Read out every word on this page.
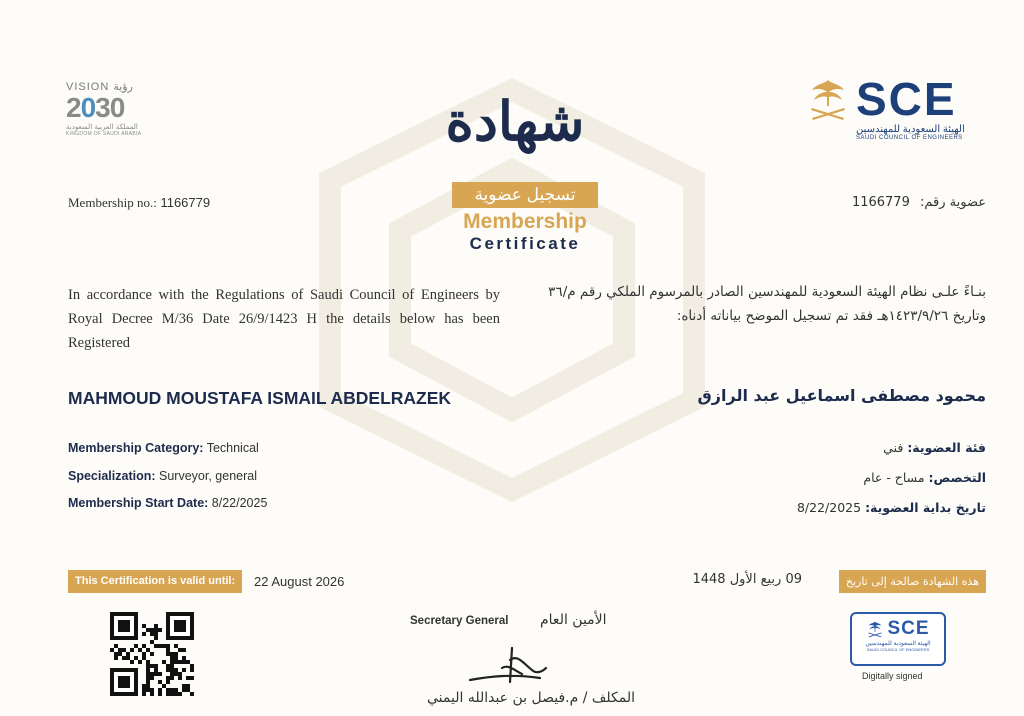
VISION رؤية
2030
المملكة العربية السعودية
KINGDOM OF SAUDI ARABIA
SCE
الهيئة السعودية للمهندسين
SAUDI COUNCIL OF ENGINEERS
شهادة
تسجيل عضوية
Membership
Certificate
Membership no.: 1166779	عضوية رقم: 1166779
In accordance with the Regulations of Saudi Council of Engineers by Royal Decree M/36 Date 26/9/1423 H the details below has been Registered
بنـاءً علـى نظام الهيئة السعودية للمهندسين الصادر بالمرسوم الملكي رقم م/٣٦ وتاريخ ١٤٢٣/٩/٢٦هـ فقد تم تسجيل الموضح بياناته أدناه:
MAHMOUD MOUSTAFA ISMAIL ABDELRAZEK	محمود مصطفى اسماعيل عبد الرازق
Membership Category: Technical
Specialization: Surveyor, general
Membership Start Date: 8/22/2025
فئة العضوية: فني
التخصص: مساح - عام
تاريخ بداية العضوية: 8/22/2025
This Certification is valid until:	22 August 2026	هذه الشهادة صالحة إلى تاريخ
09 ربيع الأول 1448
Secretary General الأمين العام
المكلف / م.فيصل بن عبدالله اليمني
SCE
الهيئة السعودية للمهندسين
SAUDI COUNCIL OF ENGINEERS
Digitally signed
